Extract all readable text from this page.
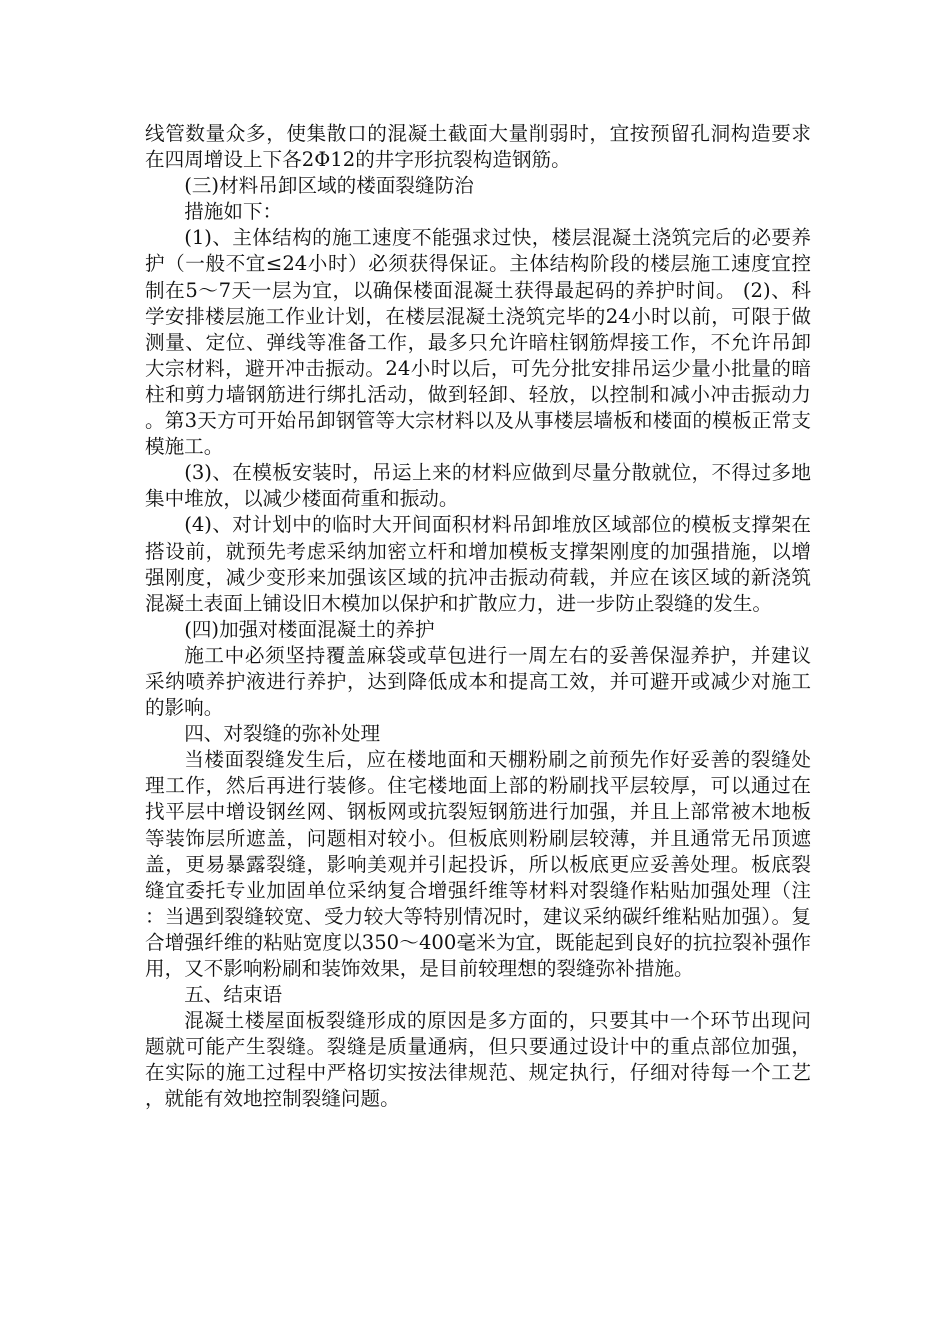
线管数量众多，使集散口的混凝土截面大量削弱时，宜按预留孔洞构造要求在四周增设上下各2Φ12的井字形抗裂构造钢筋。

(三)材料吊卸区域的楼面裂缝防治

措施如下：

(1)、主体结构的施工速度不能强求过快，楼层混凝土浇筑完后的必要养护（一般不宜≤24小时）必须获得保证。主体结构阶段的楼层施工速度宜控制在5～7天一层为宜，以确保楼面混凝土获得最起码的养护时间。 (2)、科学安排楼层施工作业计划，在楼层混凝土浇筑完毕的24小时以前，可限于做测量、定位、弹线等准备工作，最多只允许暗柱钢筋焊接工作，不允许吊卸大宗材料，避开冲击振动。24小时以后，可先分批安排吊运少量小批量的暗柱和剪力墙钢筋进行绑扎活动，做到轻卸、轻放，以控制和减小冲击振动力。第3天方可开始吊卸钢管等大宗材料以及从事楼层墙板和楼面的模板正常支模施工。

(3)、在模板安装时，吊运上来的材料应做到尽量分散就位，不得过多地集中堆放，以减少楼面荷重和振动。

(4)、对计划中的临时大开间面积材料吊卸堆放区域部位的模板支撑架在搭设前，就预先考虑采纳加密立杆和增加模板支撑架刚度的加强措施，以增强刚度，减少变形来加强该区域的抗冲击振动荷载，并应在该区域的新浇筑混凝土表面上铺设旧木模加以保护和扩散应力，进一步防止裂缝的发生。

(四)加强对楼面混凝土的养护

施工中必须坚持覆盖麻袋或草包进行一周左右的妥善保湿养护，并建议采纳喷养护液进行养护，达到降低成本和提高工效，并可避开或减少对施工的影响。

四、对裂缝的弥补处理

当楼面裂缝发生后，应在楼地面和天棚粉刷之前预先作好妥善的裂缝处理工作，然后再进行装修。住宅楼地面上部的粉刷找平层较厚，可以通过在找平层中增设钢丝网、钢板网或抗裂短钢筋进行加强，并且上部常被木地板等装饰层所遮盖，问题相对较小。但板底则粉刷层较薄，并且通常无吊顶遮盖，更易暴露裂缝，影响美观并引起投诉，所以板底更应妥善处理。板底裂缝宜委托专业加固单位采纳复合增强纤维等材料对裂缝作粘贴加强处理（注：当遇到裂缝较宽、受力较大等特别情况时，建议采纳碳纤维粘贴加强）。复合增强纤维的粘贴宽度以350～400毫米为宜，既能起到良好的抗拉裂补强作用，又不影响粉刷和装饰效果，是目前较理想的裂缝弥补措施。

五、结束语

混凝土楼屋面板裂缝形成的原因是多方面的，只要其中一个环节出现问题就可能产生裂缝。裂缝是质量通病，但只要通过设计中的重点部位加强，在实际的施工过程中严格切实按法律规范、规定执行，仔细对待每一个工艺，就能有效地控制裂缝问题。
